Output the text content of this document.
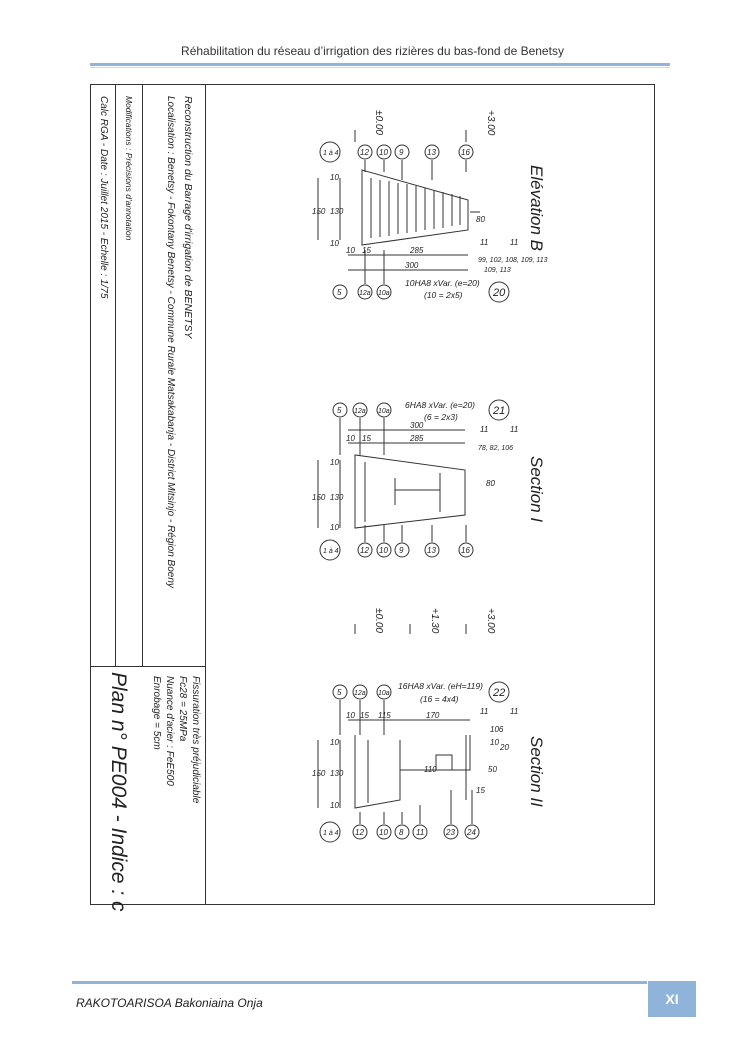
Réhabilitation du réseau d’irrigation des rizières du bas-fond de Benetsy
Reconstruction du Barrage d'irrigation de BENETSY
Localisation : Benetsy - Fokontany Benetsy - Commune Rurale Matsakabanja - District Mitsinjo - Région Boeny
Modifications : Précisions d'annotation
Calc RGA - Date : Juillet 2015 - Echelle : 1/75
Fissuration très préjudiciable
Fc28 = 25MPa
Nuance d'acier : FeE500
Enrobage = 5cm
Plan n° PE004 - Indice : c
Elévation B
+3.00
±0.00
16
13
9
10
12
1 à 4
5	12a 10a	20
10
130
150
10
80
11	11
285
300
10 15
99, 102, 108, 109, 113
109, 113
10HA8 xVar. (e=20)
(10 = 2x5)
Section I
5 12a 10a	21
16
13
9
10
12
1 à 4
6HA8 xVar. (e=20)
(6 = 2x3)
300
285
11	11
10 15
80
10
130
150
10
78, 82, 106
±0.00	+1.30	+3.00
Section II
5 12a 10a	22
1 à 4 12 10 8 11	23 24
16HA8 xVar. (eH=119)
(16 = 4x4)
10 15 115	170	11	11
106
10
20
50
15
110
10
130
150
10
RAKOTOARISOA Bakoniaina Onja	XI
